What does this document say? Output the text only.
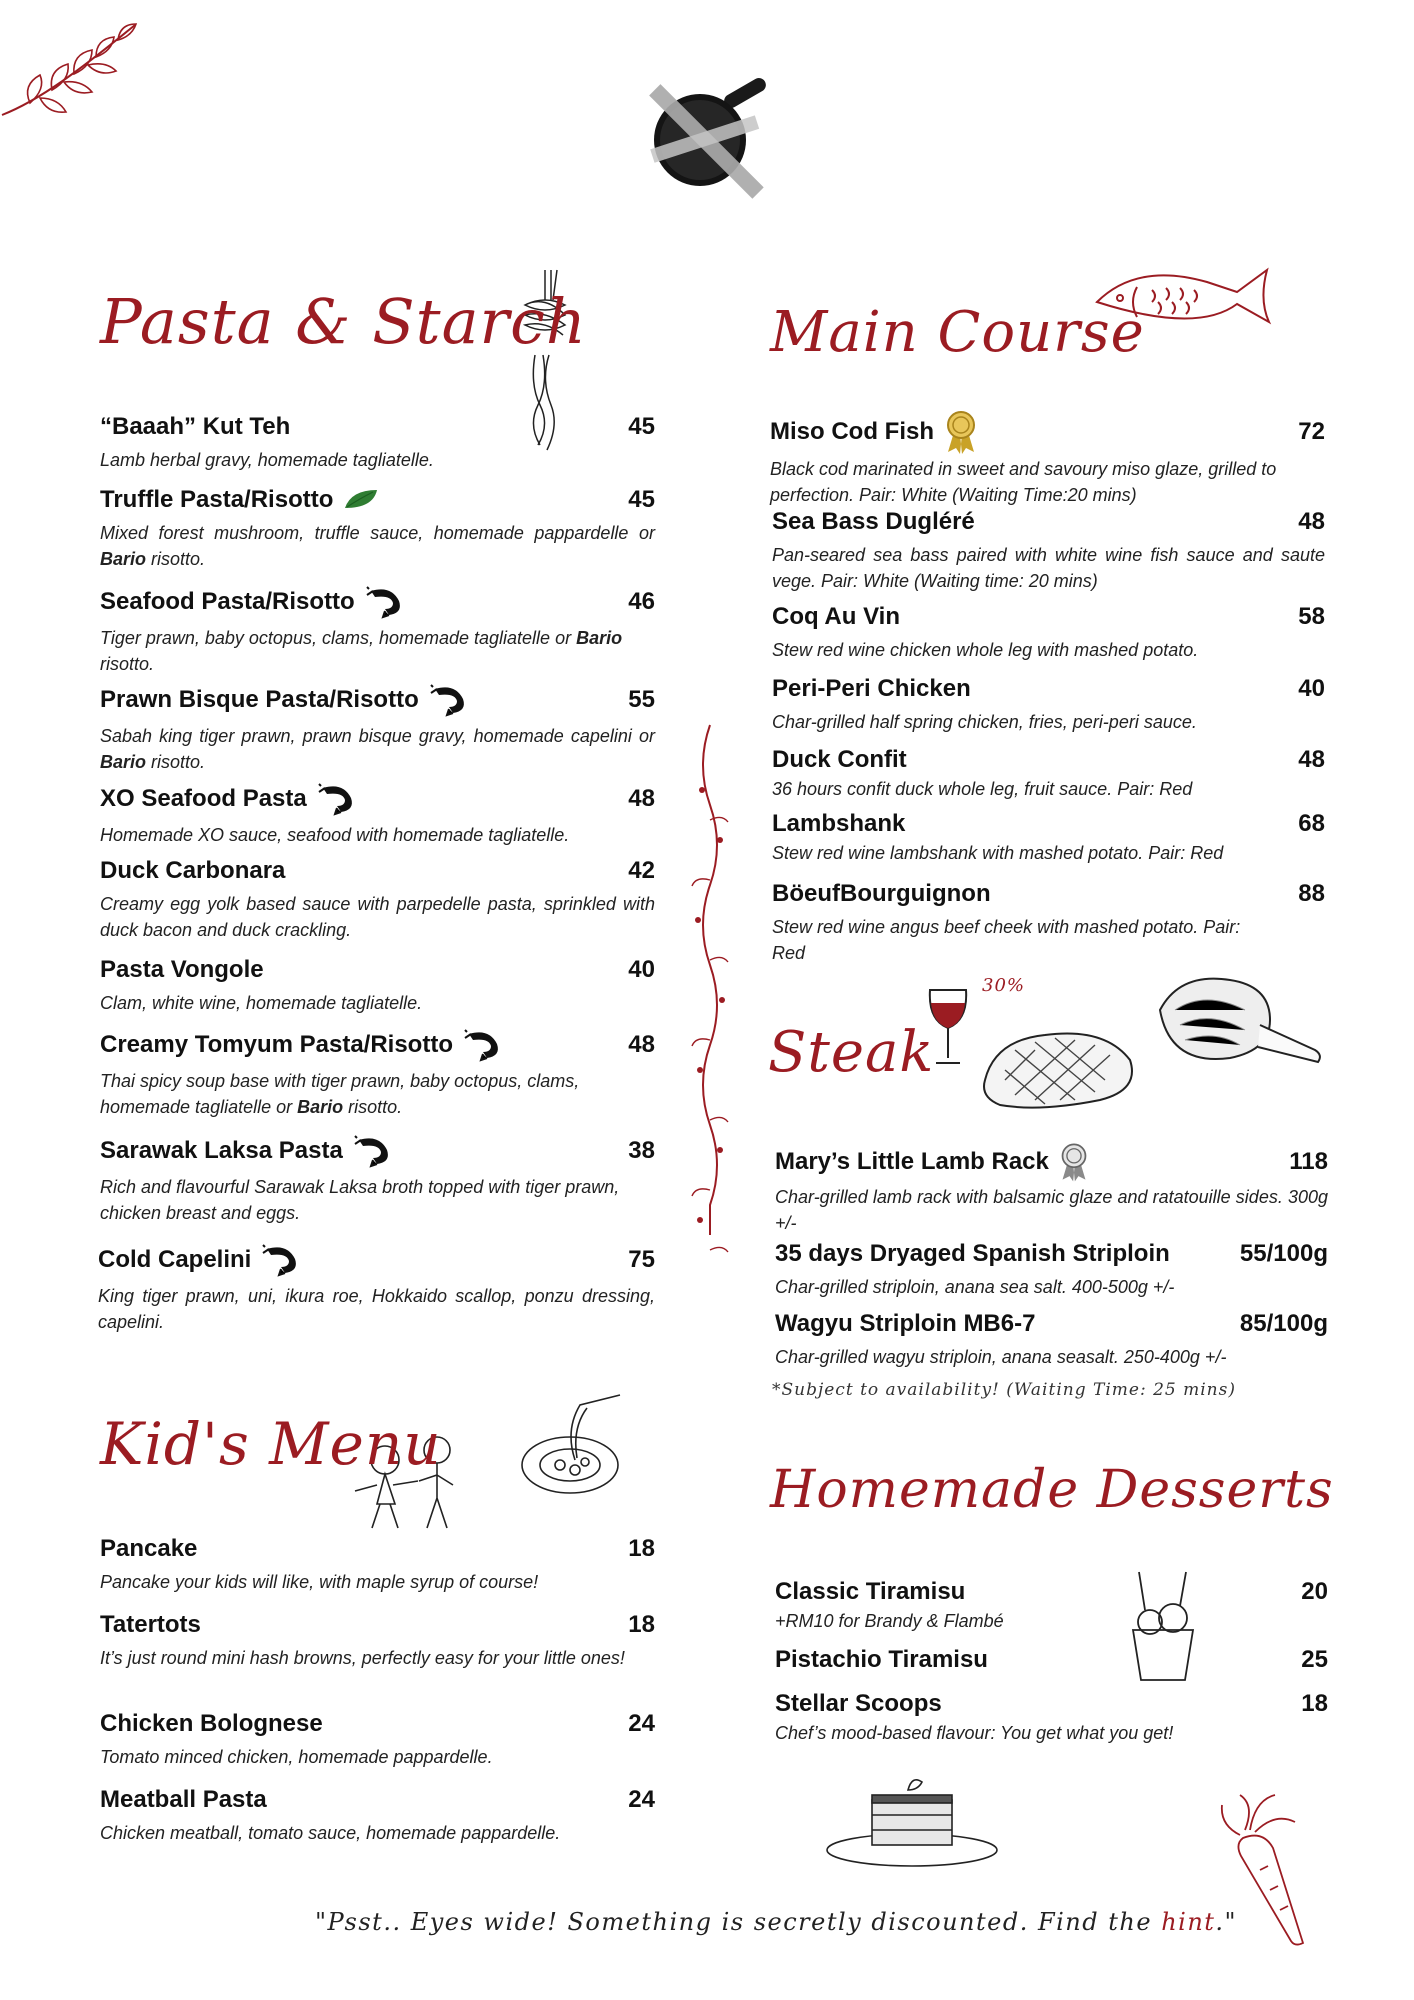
Pasta & Starch	Main Course
Steak
Kid's Menu
Homemade Desserts
30%
“Baaah” Kut Teh	45
Lamb herbal gravy, homemade tagliatelle.
Truffle Pasta/Risotto	45
Mixed forest mushroom, truffle sauce, homemade pappardelle or Bario risotto.
Seafood Pasta/Risotto	46
Tiger prawn, baby octopus, clams, homemade tagliatelle or Bario risotto.
Prawn Bisque Pasta/Risotto	55
Sabah king tiger prawn, prawn bisque gravy, homemade capelini or Bario risotto.
XO Seafood Pasta	48
Homemade XO sauce, seafood with homemade tagliatelle.
Duck Carbonara	42
Creamy egg yolk based sauce with parpedelle pasta, sprinkled with duck bacon and duck crackling.
Pasta Vongole	40
Clam, white wine, homemade tagliatelle.
Creamy Tomyum Pasta/Risotto	48
Thai spicy soup base with tiger prawn, baby octopus, clams, homemade tagliatelle or Bario risotto.
Sarawak Laksa Pasta	38
Rich and flavourful Sarawak Laksa broth topped with tiger prawn, chicken breast and eggs.
Cold Capelini	75
King tiger prawn, uni, ikura roe, Hokkaido scallop, ponzu dressing, capelini.
Pancake	18
Pancake your kids will like, with maple syrup of course!
Tatertots	18
It’s just round mini hash browns, perfectly easy for your little ones!
Chicken Bolognese	24
Tomato minced chicken, homemade pappardelle.
Meatball Pasta	24
Chicken meatball, tomato sauce, homemade pappardelle.
Miso Cod Fish	72
Black cod marinated in sweet and savoury miso glaze, grilled to perfection. Pair: White (Waiting Time:20 mins)
Sea Bass Dugléré	48
Pan-seared sea bass paired with white wine fish sauce and saute vege. Pair: White (Waiting time: 20 mins)
Coq Au Vin	58
Stew red wine chicken whole leg with mashed potato.
Peri-Peri Chicken	40
Char-grilled half spring chicken, fries, peri-peri sauce.
Duck Confit	48
36 hours confit duck whole leg, fruit sauce. Pair: Red
Lambshank	68
Stew red wine lambshank with mashed potato. Pair: Red
BöeufBourguignon	88
Stew red wine angus beef cheek with mashed potato. Pair: Red
Mary’s Little Lamb Rack	118
Char-grilled lamb rack with balsamic glaze and ratatouille sides. 300g +/-
35 days Dryaged Spanish Striploin	55/100g
Char-grilled striploin, anana sea salt. 400-500g +/-
Wagyu Striploin MB6-7	85/100g
Char-grilled wagyu striploin, anana seasalt. 250-400g +/-
*Subject to availability! (Waiting Time: 25 mins)
Classic Tiramisu	20
+RM10 for Brandy & Flambé
Pistachio Tiramisu	25
Stellar Scoops	18
Chef’s mood-based flavour: You get what you get!
"Psst.. Eyes wide! Something is secretly discounted. Find the hint."
